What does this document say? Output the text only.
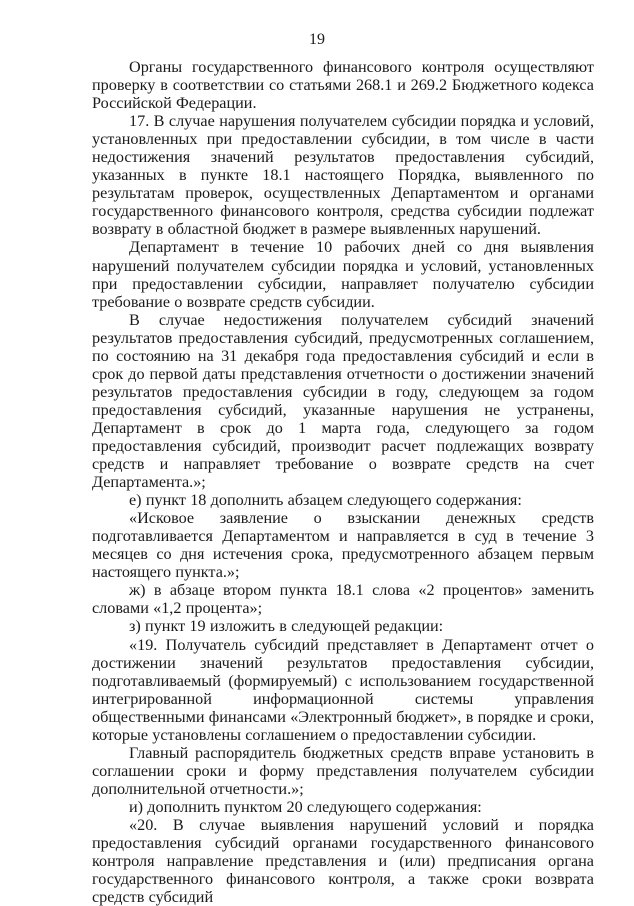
19

Органы государственного финансового контроля осуществляют проверку в соответствии со статьями 268.1 и 269.2 Бюджетного кодекса Российской Федерации.

17. В случае нарушения получателем субсидии порядка и условий, установленных при предоставлении субсидии, в том числе в части недостижения значений результатов предоставления субсидий, указанных в пункте 18.1 настоящего Порядка, выявленного по результатам проверок, осуществленных Департаментом и органами государственного финансового контроля, средства субсидии подлежат возврату в областной бюджет в размере выявленных нарушений.

Департамент в течение 10 рабочих дней со дня выявления нарушений получателем субсидии порядка и условий, установленных при предоставлении субсидии, направляет получателю субсидии требование о возврате средств субсидии.

В случае недостижения получателем субсидий значений результатов предоставления субсидий, предусмотренных соглашением, по состоянию на 31 декабря года предоставления субсидий и если в срок до первой даты представления отчетности о достижении значений результатов предоставления субсидии в году, следующем за годом предоставления субсидий, указанные нарушения не устранены, Департамент в срок до 1 марта года, следующего за годом предоставления субсидий, производит расчет подлежащих возврату средств и направляет требование о возврате средств на счет Департамента.»;

е) пункт 18 дополнить абзацем следующего содержания:

«Исковое заявление о взыскании денежных средств подготавливается Департаментом и направляется в суд в течение 3 месяцев со дня истечения срока, предусмотренного абзацем первым настоящего пункта.»;

ж) в абзаце втором пункта 18.1 слова «2 процентов» заменить словами «1,2 процента»;

з) пункт 19 изложить в следующей редакции:

«19. Получатель субсидий представляет в Департамент отчет о достижении значений результатов предоставления субсидии, подготавливаемый (формируемый) с использованием государственной интегрированной информационной системы управления общественными финансами «Электронный бюджет», в порядке и сроки, которые установлены соглашением о предоставлении субсидии.

Главный распорядитель бюджетных средств вправе установить в соглашении сроки и форму представления получателем субсидии дополнительной отчетности.»;

и) дополнить пунктом 20 следующего содержания:

«20. В случае выявления нарушений условий и порядка предоставления субсидий органами государственного финансового контроля направление представления и (или) предписания органа государственного финансового контроля, а также сроки возврата средств субсидий
